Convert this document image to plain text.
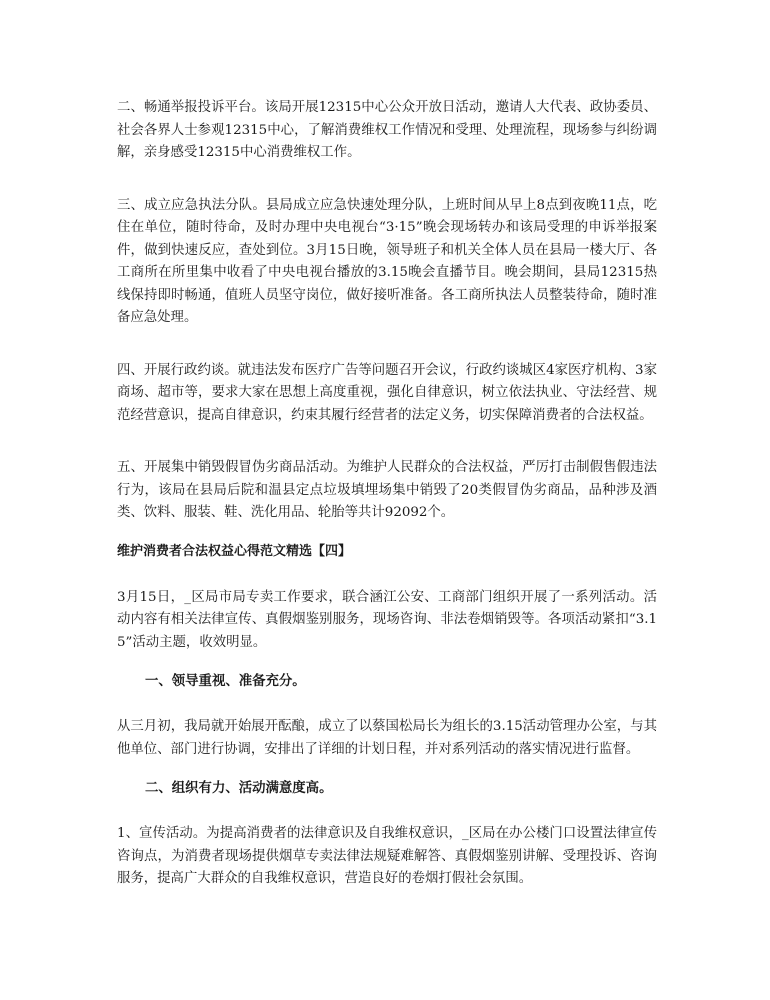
二、畅通举报投诉平台。该局开展12315中心公众开放日活动，邀请人大代表、政协委员、社会各界人士参观12315中心，了解消费维权工作情况和受理、处理流程，现场参与纠纷调解，亲身感受12315中心消费维权工作。

三、成立应急执法分队。县局成立应急快速处理分队，上班时间从早上8点到夜晚11点，吃住在单位，随时待命，及时办理中央电视台“3·15”晚会现场转办和该局受理的申诉举报案件，做到快速反应，查处到位。3月15日晚，领导班子和机关全体人员在县局一楼大厅、各工商所在所里集中收看了中央电视台播放的3.15晚会直播节目。晚会期间，县局12315热线保持即时畅通，值班人员坚守岗位，做好接听准备。各工商所执法人员整装待命，随时准备应急处理。

四、开展行政约谈。就违法发布医疗广告等问题召开会议，行政约谈城区4家医疗机构、3家商场、超市等，要求大家在思想上高度重视，强化自律意识，树立依法执业、守法经营、规范经营意识，提高自律意识，约束其履行经营者的法定义务，切实保障消费者的合法权益。

五、开展集中销毁假冒伪劣商品活动。为维护人民群众的合法权益，严厉打击制假售假违法行为，该局在县局后院和温县定点垃圾填埋场集中销毁了20类假冒伪劣商品，品种涉及酒类、饮料、服装、鞋、洗化用品、轮胎等共计92092个。

维护消费者合法权益心得范文精选【四】

3月15日，_区局市局专卖工作要求，联合涵江公安、工商部门组织开展了一系列活动。活动内容有相关法律宣传、真假烟鉴别服务，现场咨询、非法卷烟销毁等。各项活动紧扣“3.15”活动主题，收效明显。

一、领导重视、准备充分。

从三月初，我局就开始展开酝酿，成立了以蔡国松局长为组长的3.15活动管理办公室，与其他单位、部门进行协调，安排出了详细的计划日程，并对系列活动的落实情况进行监督。

二、组织有力、活动满意度高。

1、宣传活动。为提高消费者的法律意识及自我维权意识，_区局在办公楼门口设置法律宣传咨询点，为消费者现场提供烟草专卖法律法规疑难解答、真假烟鉴别讲解、受理投诉、咨询服务，提高广大群众的自我维权意识，营造良好的卷烟打假社会氛围。
